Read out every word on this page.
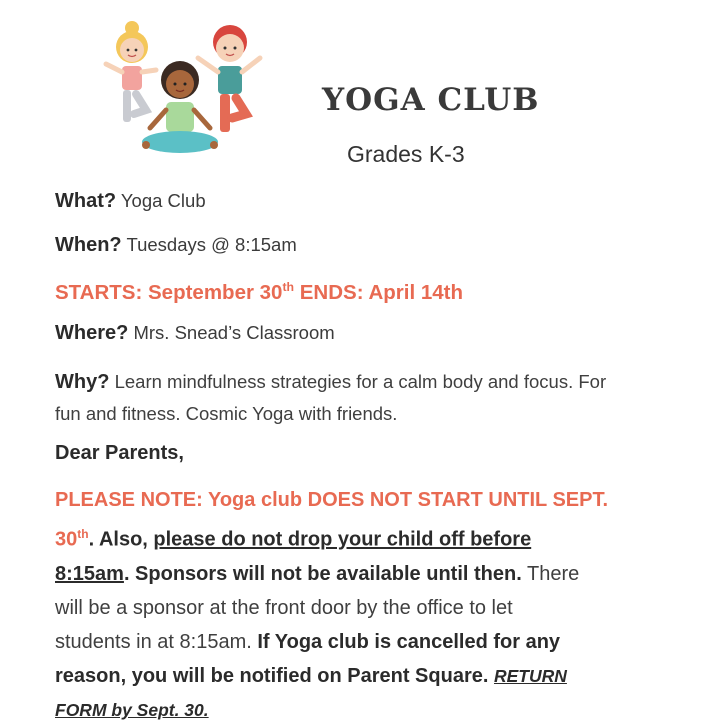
YOGA CLUB
Grades K-3
What? Yoga Club
When? Tuesdays @ 8:15am
STARTS: September 30th ENDS: April 14th
Where? Mrs. Snead’s Classroom
Why? Learn mindfulness strategies for a calm body and focus. For
fun and fitness. Cosmic Yoga with friends.
Dear Parents,
PLEASE NOTE: Yoga club DOES NOT START UNTIL SEPT.
30th. Also, please do not drop your child off before
8:15am. Sponsors will not be available until then. There
will be a sponsor at the front door by the office to let
students in at 8:15am. If Yoga club is cancelled for any
reason, you will be notified on Parent Square. RETURN
FORM by Sept. 30.
